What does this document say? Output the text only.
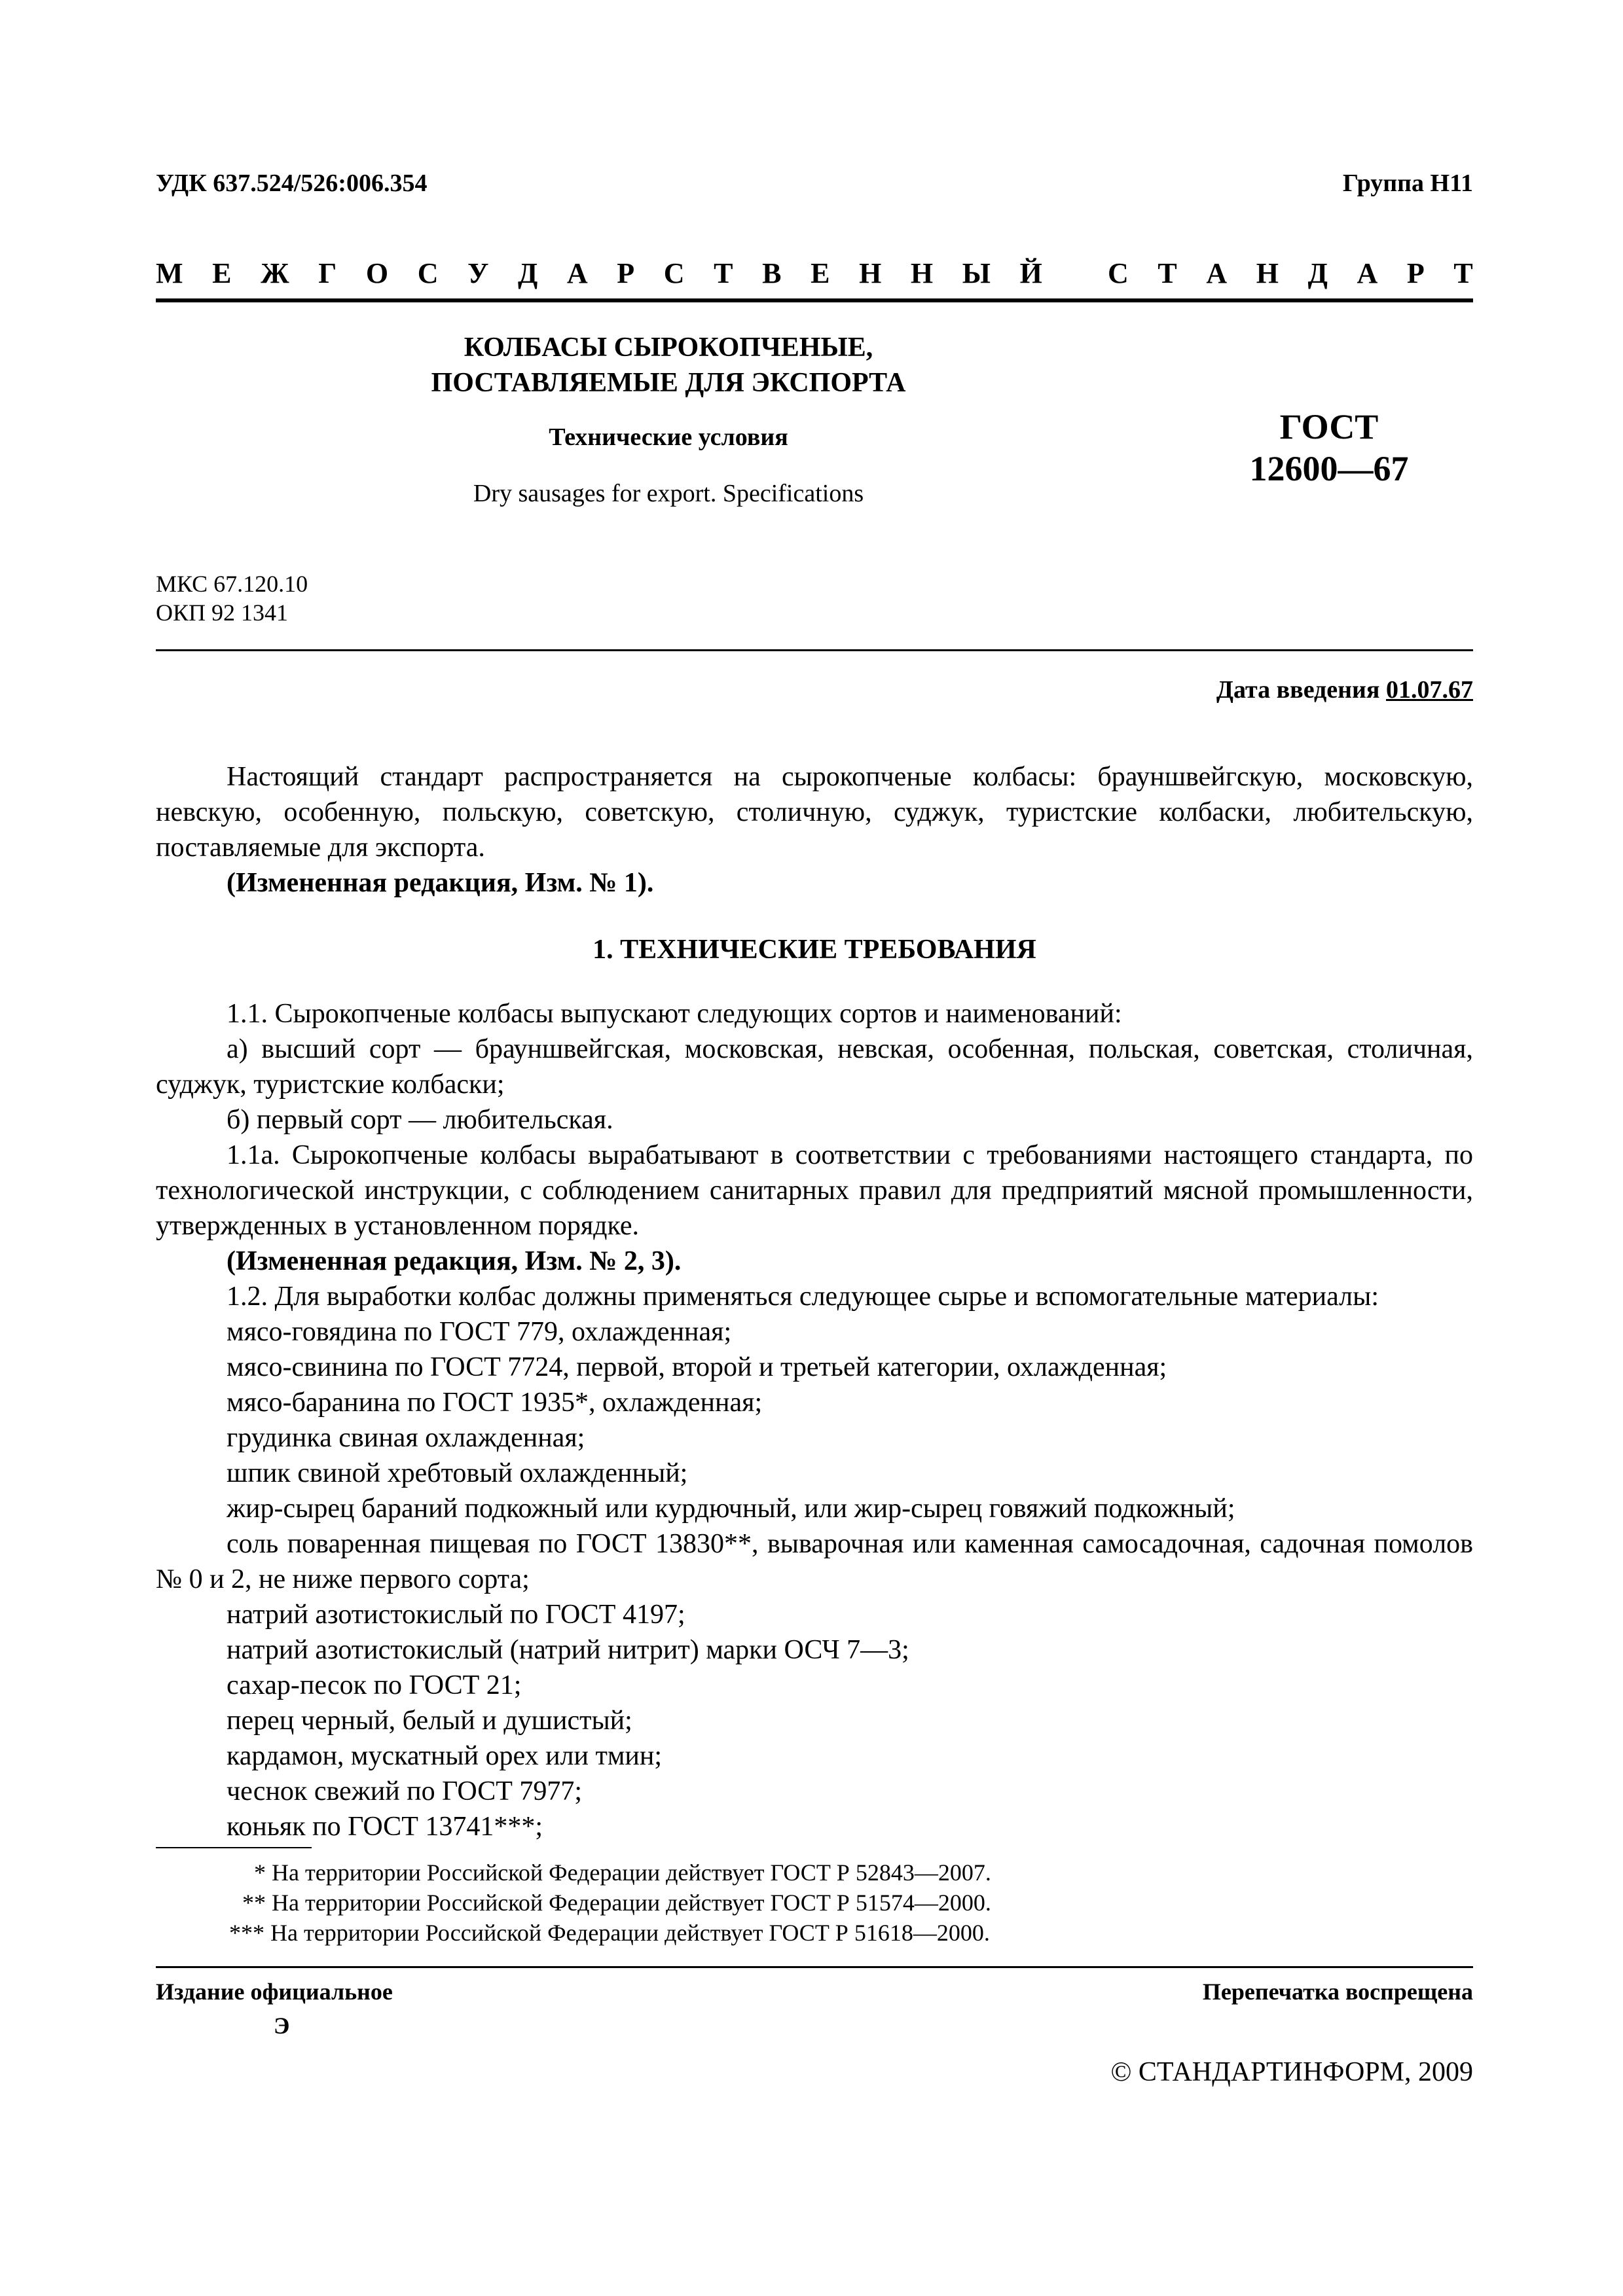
УДК 637.524/526:006.354	Группа Н11
М Е Ж Г О С У Д А Р С Т В Е Н Н Ы Й
С Т А Н Д А Р Т
КОЛБАСЫ СЫРОКОПЧЕНЫЕ,
ПОСТАВЛЯЕМЫЕ ДЛЯ ЭКСПОРТА
Технические условия
Dry sausages for export. Specifications
ГОСТ
12600—67
МКС 67.120.10
ОКП 92 1341
Дата введения 01.07.67

Настоящий стандарт распространяется на сырокопченые колбасы: брауншвейгскую, московскую, невскую, особенную, польскую, советскую, столичную, суджук, туристские колбаски, любительскую, поставляемые для экспорта.

(Измененная редакция, Изм. № 1).

1. ТЕХНИЧЕСКИЕ ТРЕБОВАНИЯ

1.1. Сырокопченые колбасы выпускают следующих сортов и наименований:

а) высший сорт — брауншвейгская, московская, невская, особенная, польская, советская, столичная, суджук, туристские колбаски;

б) первый сорт — любительская.

1.1а. Сырокопченые колбасы вырабатывают в соответствии с требованиями настоящего стандарта, по технологической инструкции, с соблюдением санитарных правил для предприятий мясной промышленности, утвержденных в установленном порядке.

(Измененная редакция, Изм. № 2, 3).

1.2. Для выработки колбас должны применяться следующее сырье и вспомогательные материалы:

мясо-говядина по ГОСТ 779, охлажденная;

мясо-свинина по ГОСТ 7724, первой, второй и третьей категории, охлажденная;

мясо-баранина по ГОСТ 1935*, охлажденная;

грудинка свиная охлажденная;

шпик свиной хребтовый охлажденный;

жир-сырец бараний подкожный или курдючный, или жир-сырец говяжий подкожный;

соль поваренная пищевая по ГОСТ 13830**, выварочная или каменная самосадочная, садочная помолов № 0 и 2, не ниже первого сорта;

натрий азотистокислый по ГОСТ 4197;

натрий азотистокислый (натрий нитрит) марки ОСЧ 7—3;

сахар-песок по ГОСТ 21;

перец черный, белый и душистый;

кардамон, мускатный орех или тмин;

чеснок свежий по ГОСТ 7977;

коньяк по ГОСТ 13741***;

* На территории Российской Федерации действует ГОСТ Р 52843—2007.
** На территории Российской Федерации действует ГОСТ Р 51574—2000.
*** На территории Российской Федерации действует ГОСТ Р 51618—2000.
Издание официальное
Э
Перепечатка воспрещена
© СТАНДАРТИНФОРМ, 2009
